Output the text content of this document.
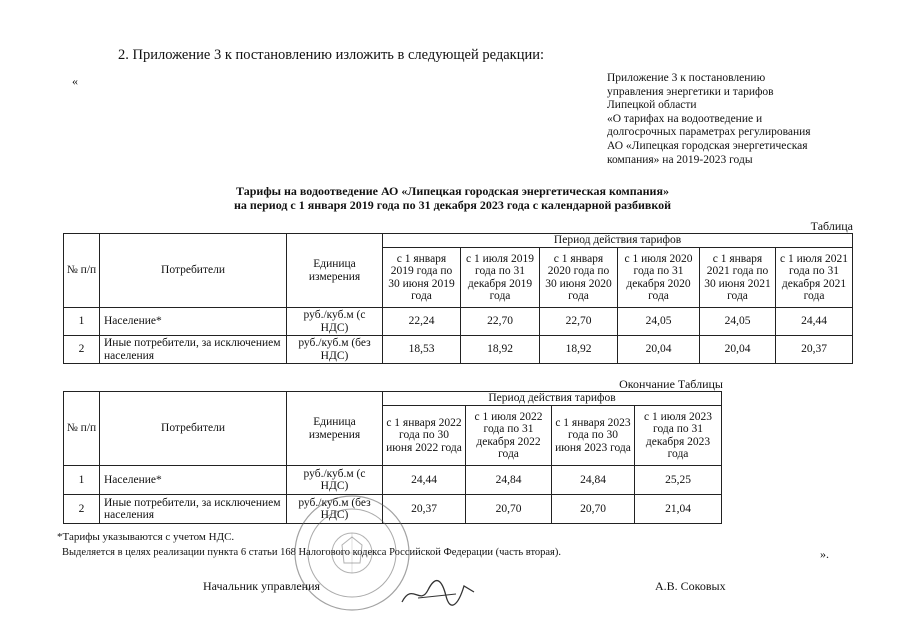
2. Приложение 3 к постановлению изложить в следующей редакции:
«	Приложение 3 к постановлению
управления энергетики и тарифов
Липецкой области
«О тарифах на водоотведение и
долгосрочных параметрах регулирования
АО «Липецкая городская энергетическая
компания» на 2019-2023 годы
Тарифы на водоотведение АО «Липецкая городская энергетическая компания»
на период с 1 января 2019 года по 31 декабря 2023 года с календарной разбивкой
Таблица
№ п/п	Потребители	Единица измерения	Период действия тарифов					
			с 1 января 2019 года по 30 июня 2019 года	с 1 июля 2019 года по 31 декабря 2019 года	с 1 января 2020 года по 30 июня 2020 года	с 1 июля 2020 года по 31 декабря 2020 года	с 1 января 2021 года по 30 июня 2021 года	с 1 июля 2021 года по 31 декабря 2021 года
1	Население*	руб./куб.м (с НДС)	22,24	22,70	22,70	24,05	24,05	24,44
2	Иные потребители, за исключением населения	руб./куб.м (без НДС)	18,53	18,92	18,92	20,04	20,04	20,37
Окончание Таблицы
№ п/п	Потребители	Единица измерения	Период действия тарифов			
			с 1 января 2022 года по 30 июня 2022 года	с 1 июля 2022 года по 31 декабря 2022 года	с 1 января 2023 года по 30 июня 2023 года	с 1 июля 2023 года по 31 декабря 2023 года
1	Население*	руб./куб.м (с НДС)	24,44	24,84	24,84	25,25
2	Иные потребители, за исключением населения	руб./куб.м (без НДС)	20,37	20,70	20,70	21,04
*Тарифы указываются с учетом НДС.
Выделяется в целях реализации пункта 6 статьи 168 Налогового кодекса Российской Федерации (часть вторая).	».
Начальник управления	А.В. Соковых
